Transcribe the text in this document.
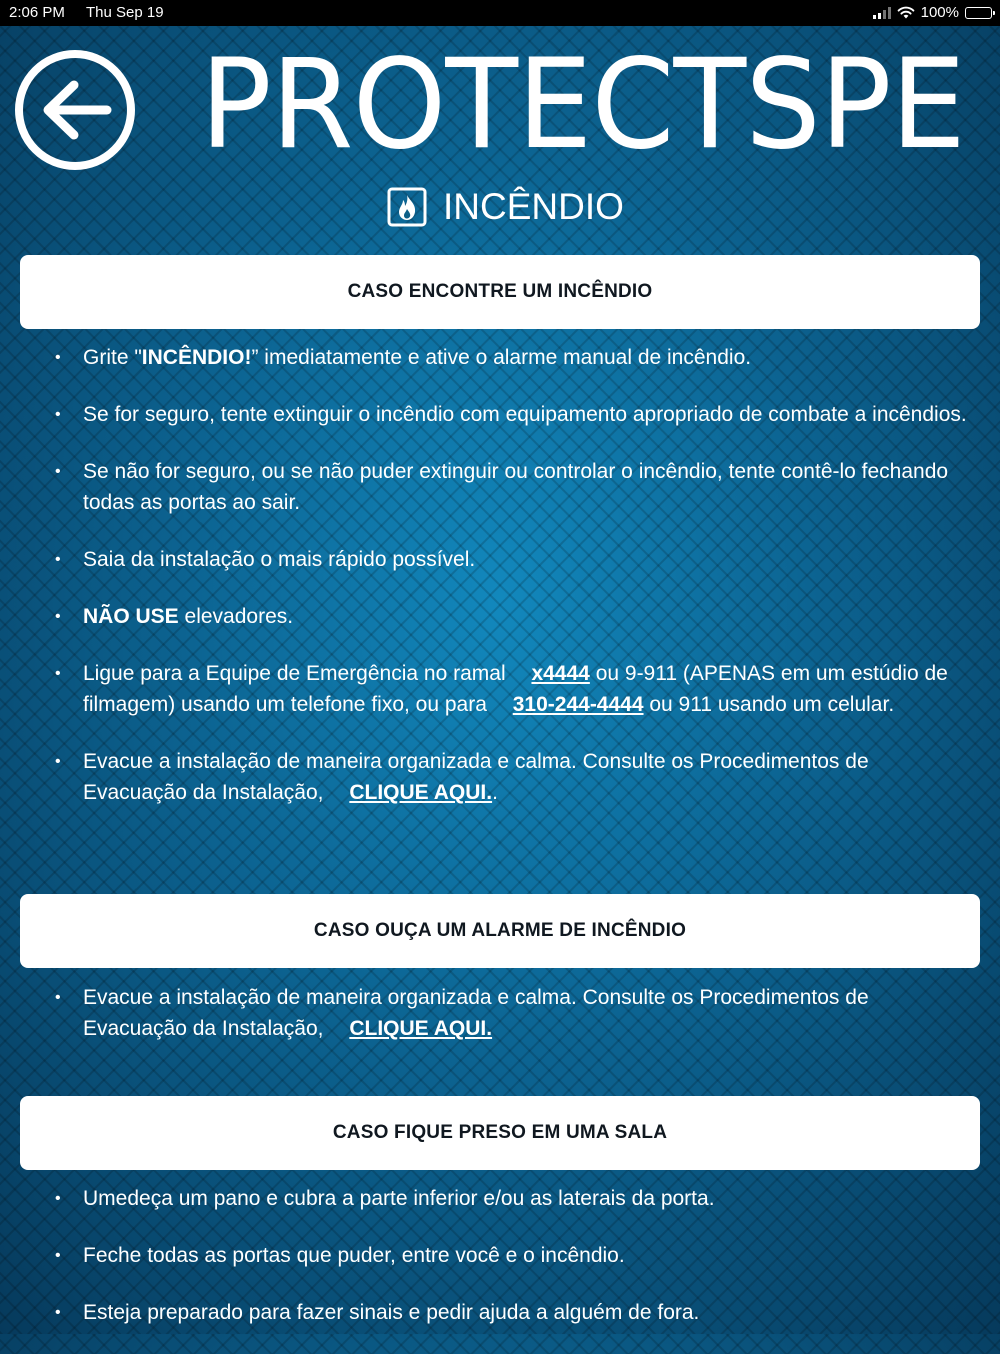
2:06 PM Thu Sep 19	100%
PROTECTSPE
INCÊNDIO
CASO ENCONTRE UM INCÊNDIO
• Grite "INCÊNDIO!” imediatamente e ative o alarme manual de incêndio.
• Se for seguro, tente extinguir o incêndio com equipamento apropriado de combate a incêndios.
• Se não for seguro, ou se não puder extinguir ou controlar o incêndio, tente contê-lo fechando todas as portas ao sair.
• Saia da instalação o mais rápido possível.
• NÃO USE elevadores.
• Ligue para a Equipe de Emergência no ramal x4444 ou 9-911 (APENAS em um estúdio de filmagem) usando um telefone fixo, ou para 310-244-4444 ou 911 usando um celular.
• Evacue a instalação de maneira organizada e calma. Consulte os Procedimentos de Evacuação da Instalação, CLIQUE AQUI..
CASO OUÇA UM ALARME DE INCÊNDIO
• Evacue a instalação de maneira organizada e calma. Consulte os Procedimentos de Evacuação da Instalação, CLIQUE AQUI.
CASO FIQUE PRESO EM UMA SALA
• Umedeça um pano e cubra a parte inferior e/ou as laterais da porta.
• Feche todas as portas que puder, entre você e o incêndio.
• Esteja preparado para fazer sinais e pedir ajuda a alguém de fora.
